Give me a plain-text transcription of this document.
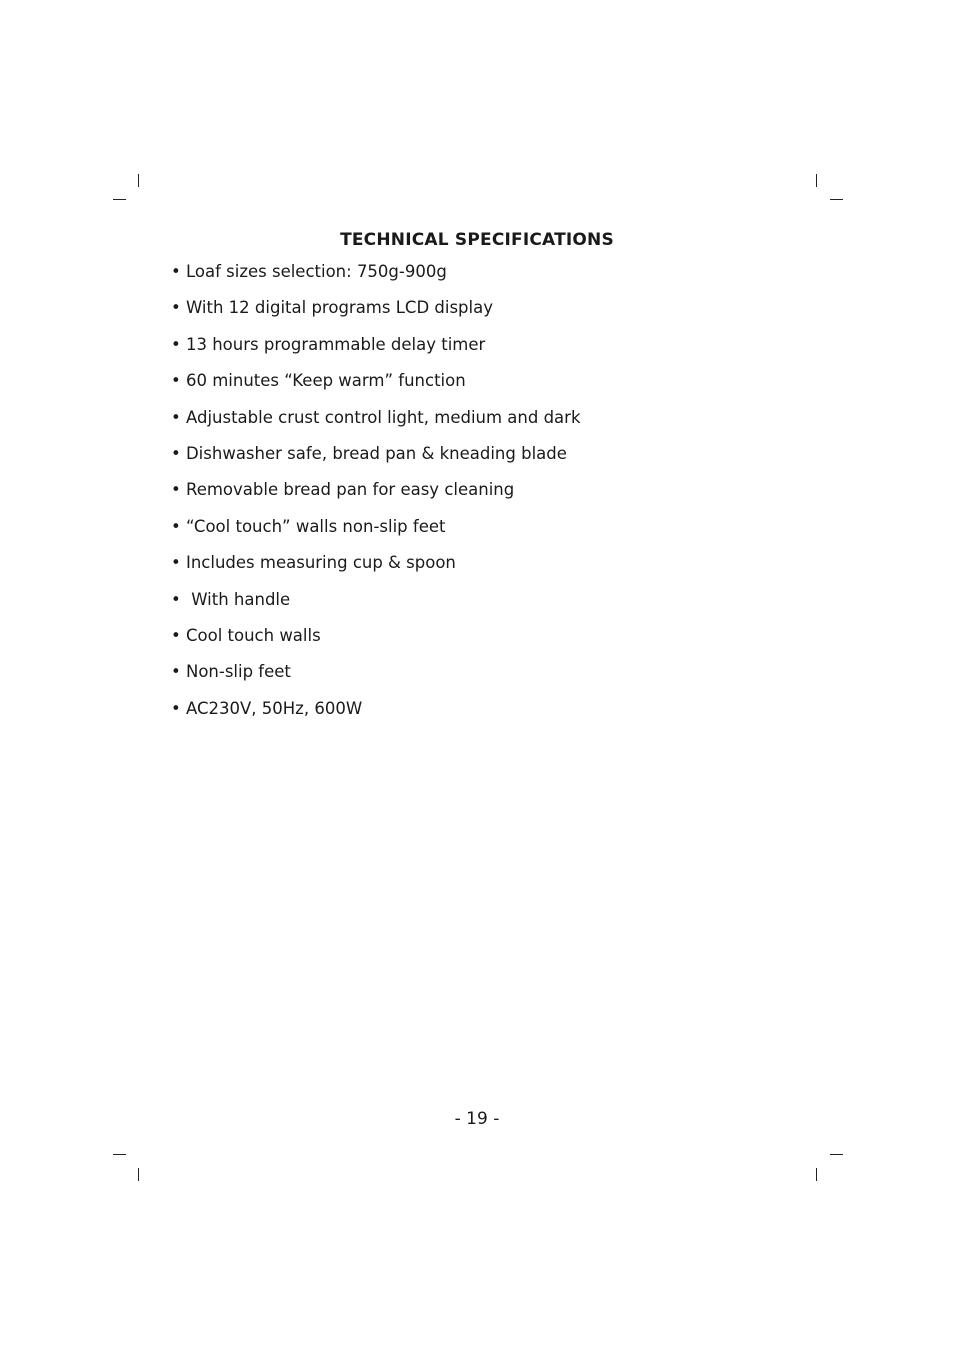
TECHNICAL SPECIFICATIONS
• Loaf sizes selection: 750g-900g
• With 12 digital programs LCD display
• 13 hours programmable delay timer
• 60 minutes “Keep warm” function
• Adjustable crust control light, medium and dark
• Dishwasher safe, bread pan & kneading blade
• Removable bread pan for easy cleaning
• “Cool touch” walls non-slip feet
• Includes measuring cup & spoon
•  With handle
• Cool touch walls
• Non-slip feet
• AC230V, 50Hz, 600W
- 19 -
